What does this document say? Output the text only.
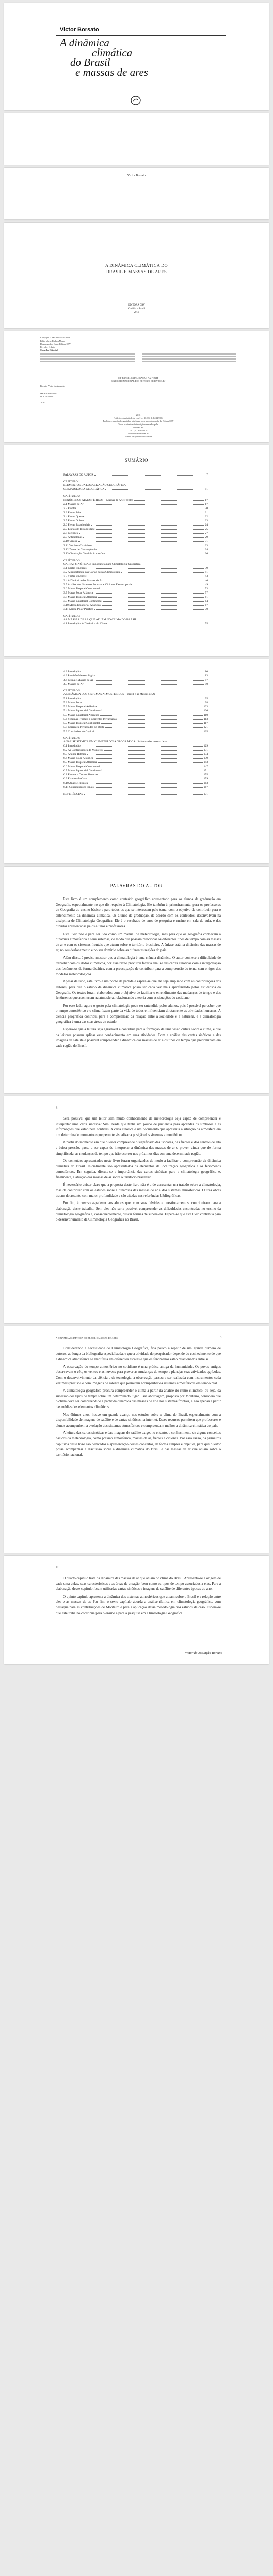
Victor Borsato
A dinâmica
climática
do Brasil
e massas de ares
Victor Borsato
A DINÂMICA CLIMÁTICA DO
BRASIL E MASSAS DE ARES
EDITORA CRV
Curitiba – Brasil
2016
Copyright © da Editora CRV Ltda.
Editor-chefe: Railson Moura
Diagramação e Capa: Editora CRV
Revisão: O Autor
Conselho Editorial:
CIP-BRASIL. CATALOGAÇÃO-NA-FONTE
SINDICATO NACIONAL DOS EDITORES DE LIVROS, RJ
Borsato, Victor da Assunção
ISBN 978-85-444-
DOI 10.24824/
2016
2016
Foi feito o depósito legal conf. Lei 10.994 de 14/12/2004
Proibida a reprodução parcial ou total desta obra sem autorização da Editora CRV
Todos os direitos desta edição reservados pela:
Editora CRV
Tel.: (41) 3039-6418
www.editoracrv.com.br
E-mail: sac@editoracrv.com.br
SUMÁRIO
PALAVRAS DO AUTOR	7
CAPÍTULO 1
ELEMENTOS DA LOCALIZAÇÃO GEOGRÁFICA
CLIMATOLOGIA GEOGRÁFICA	11
CAPÍTULO 2
FENÔMENOS ATMOSFÉRICOS – Massas de Ar e Frentes	17
2.1 Massas de Ar	17
2.2 Frentes	20
2.3 Frente Fria	21
2.4 Frente Quente	22
2.5 Frente Oclusa	23
2.6 Frente Estacionária	24
2.7 Linhas de Instabilidade	25
2.8 Ciclones	27
2.9 Anticiclones	29
2.10 Ventos	31
2.11 Vórtices Ciclônicos	33
2.12 Zonas de Convergência	34
2.13 Circulação Geral da Atmosfera	36
CAPÍTULO 3
CARTAS SINÓTICAS: importância para Climatologia Geográfica
3.1 Cartas Sinóticas	39
3.2 A Importância das Cartas para a Climatologia	41
3.3 Cartas Sinóticas	44
3.4 A Dinâmica das Massas de Ar	46
3.5 Análise dos Sistemas Frontais e Ciclones Extratropicais	49
3.6 Massa Tropical Continental	53
3.7 Massa Polar Atlântica	57
3.8 Massa Tropical Atlântica	61
3.9 Massa Equatorial Continental	64
3.10 Massa Equatorial Atlântica	67
3.11 Massa Polar Pacífica	70
CAPÍTULO 4
AS MASSAS DE AR QUE ATUAM NO CLIMA DO BRASIL
4.1 Introdução: A Dinâmica do Clima	75
4.2 Introdução	80
4.3 Previsão Meteorológica	83
4.4 Clima e Massas de Ar	87
4.5 Massas de Ar	90
CAPÍTULO 5
A DINÂMICA DOS SISTEMAS ATMOSFÉRICOS – Brasil e as Massas de Ar
5.1 Introdução	95
5.2 Massa Polar	98
5.3 Massa Tropical Atlântica	103
5.4 Massa Equatorial Continental	106
5.5 Massa Equatorial Atlântica	110
5.6 Sistemas Frontais e Correntes Perturbadas	113
5.7 Massa Tropical Continental	117
5.8 Correntes Perturbadas do Oeste	121
5.9 Conclusões do Capítulo	125
CAPÍTULO 6
ANÁLISE RÍTMICA EM CLIMATOLOGIA GEOGRÁFICA: dinâmica das massas de ar
6.1 Introdução	129
6.2 As Contribuições de Monteiro	131
6.3 Análise Rítmica	134
6.4 Massa Polar Atlântica	139
6.5 Massa Tropical Atlântica	143
6.6 Massa Tropical Continental	147
6.7 Massa Equatorial Continental	151
6.8 Frentes e Outros Sistemas	155
6.9 Estudos de Caso	159
6.10 Análise Rítmica	163
6.11 Considerações Finais	167
REFERÊNCIAS	171
PALAVRAS DO AUTOR

Este livro é um complemento como conteúdo geográfico apresentado para os alunos de graduação em Geografia, especialmente no que diz respeito à Climatologia. Ele também é, primeiramente, para os professores de Geografia do ensino básico e para todos os que se interessam pelo tema, com o objetivo de contribuir para o entendimento da dinâmica climática. Os alunos de graduação, de acordo com os conteúdos, desenvolvem na disciplina de Climatologia Geográfica. Ele é o resultado de anos de pesquisa e ensino em sala de aula, e das dúvidas apresentadas pelos alunos e professores.

Este livro não é para ser lido como um manual de meteorologia, mas para que os geógrafos conheçam a dinâmica atmosférica e seus sistemas, de modo que possam relacionar os diferentes tipos de tempo com as massas de ar e com os sistemas frontais que atuam sobre o território brasileiro. A ênfase está na dinâmica das massas de ar, no seu deslocamento e no seu domínio sobre as diferentes regiões do país.

Além disso, é preciso mostrar que a climatologia é uma ciência dinâmica. O autor conhece a dificuldade de trabalhar com os dados climáticos, por essa razão procurou fazer a análise das cartas sinóticas com a interpretação dos fenômenos de forma didática, com a preocupação de contribuir para a compreensão do tema, sem o rigor dos modelos meteorológicos.

Apesar de tudo, este livro é um ponto de partida e espera-se que ele seja ampliado com as contribuições dos leitores, para que o estudo da dinâmica climática possa ser cada vez mais aprofundado pelos estudiosos da Geografia. Os textos foram elaborados com o objetivo de facilitar o entendimento das mudanças de tempo e dos fenômenos que acontecem na atmosfera, relacionando a teoria com as situações do cotidiano.

Por esse lado, agora o gosto pela climatologia pode ser entendido pelos alunos, pois é possível perceber que o tempo atmosférico e o clima fazem parte da vida de todos e influenciam diretamente as atividades humanas. A ciência geográfica contribui para a compreensão da relação entre a sociedade e a natureza, e a climatologia geográfica é uma das suas áreas de estudo.

Espera-se que a leitura seja agradável e contribua para a formação de uma visão crítica sobre o clima, e que os leitores possam aplicar esse conhecimento em suas atividades. Com a análise das cartas sinóticas e das imagens de satélite é possível compreender a dinâmica das massas de ar e os tipos de tempo que predominam em cada região do Brasil.

8

Será possível que um leitor sem muito conhecimento de meteorologia seja capaz de compreender e interpretar uma carta sinótica? Sim, desde que tenha um pouco de paciência para aprender os símbolos e as informações que estão nela contidas. A carta sinótica é um documento que apresenta a situação da atmosfera em um determinado momento e que permite visualizar a posição dos sistemas atmosféricos.

A partir do momento em que o leitor compreende o significado das isóbaras, das frentes e dos centros de alta e baixa pressão, passa a ser capaz de interpretar a dinâmica das massas de ar e prever, ainda que de forma simplificada, as mudanças de tempo que irão ocorrer nos próximos dias em uma determinada região.

Os conteúdos apresentados neste livro foram organizados de modo a facilitar a compreensão da dinâmica climática do Brasil. Inicialmente são apresentados os elementos da localização geográfica e os fenômenos atmosféricos. Em seguida, discute-se a importância das cartas sinóticas para a climatologia geográfica e, finalmente, a atuação das massas de ar sobre o território brasileiro.

É necessário deixar claro que a proposta deste livro não é a de apresentar um tratado sobre a climatologia, mas de contribuir com os estudos sobre a dinâmica das massas de ar e dos sistemas atmosféricos. Outras obras tratam do assunto com maior profundidade e são citadas nas referências bibliográficas.

Por fim, é preciso agradecer aos alunos que, com suas dúvidas e questionamentos, contribuíram para a elaboração deste trabalho. Sem eles não seria possível compreender as dificuldades encontradas no ensino da climatologia geográfica e, consequentemente, buscar formas de superá-las. Espera-se que este livro contribua para o desenvolvimento da Climatologia Geográfica no Brasil.

A DINÂMICA CLIMÁTICA DO BRASIL E MASSAS DE ARES	9

Considerando a necessidade de Climatologia Geográfica, fica pouco a repetir de um grande número de autores, ao longo da bibliografia especializada, e que a atividade do pesquisador depende do conhecimento de que a dinâmica atmosférica se manifesta em diferentes escalas e que os fenômenos estão relacionados entre si.

A observação do tempo atmosférico no cotidiano é uma prática antiga da humanidade. Os povos antigos observavam o céu, os ventos e as nuvens para prever as mudanças do tempo e planejar suas atividades agrícolas. Com o desenvolvimento da ciência e da tecnologia, a observação passou a ser realizada com instrumentos cada vez mais precisos e com imagens de satélite que permitem acompanhar os sistemas atmosféricos em tempo real.

A climatologia geográfica procura compreender o clima a partir da análise do ritmo climático, ou seja, da sucessão dos tipos de tempo sobre um determinado lugar. Essa abordagem, proposta por Monteiro, considera que o clima deve ser compreendido a partir da dinâmica das massas de ar e dos sistemas frontais, e não apenas a partir das médias dos elementos climáticos.

Nos últimos anos, houve um grande avanço nos estudos sobre o clima do Brasil, especialmente com a disponibilidade de imagens de satélite e de cartas sinóticas na internet. Esses recursos permitem que professores e alunos acompanhem a evolução dos sistemas atmosféricos e compreendam melhor a dinâmica climática do país.

A leitura das cartas sinóticas e das imagens de satélite exige, no entanto, o conhecimento de alguns conceitos básicos da meteorologia, como pressão atmosférica, massas de ar, frentes e ciclones. Por essa razão, os primeiros capítulos deste livro são dedicados à apresentação desses conceitos, de forma simples e objetiva, para que o leitor possa acompanhar a discussão sobre a dinâmica climática do Brasil e das massas de ar que atuam sobre o território nacional.

10

O quarto capítulo trata da dinâmica das massas de ar que atuam no clima do Brasil. Apresenta-se a origem de cada uma delas, suas características e as áreas de atuação, bem como os tipos de tempo associados a elas. Para a elaboração desse capítulo foram utilizadas cartas sinóticas e imagens de satélite de diferentes épocas do ano.

O quinto capítulo apresenta a dinâmica dos sistemas atmosféricos que atuam sobre o Brasil e a relação entre eles e as massas de ar. Por fim, o sexto capítulo aborda a análise rítmica em climatologia geográfica, com destaque para as contribuições de Monteiro e para a aplicação dessa metodologia nos estudos de caso. Espera-se que este trabalho contribua para o ensino e para a pesquisa em Climatologia Geográfica.

Victor da Assunção Borsato
